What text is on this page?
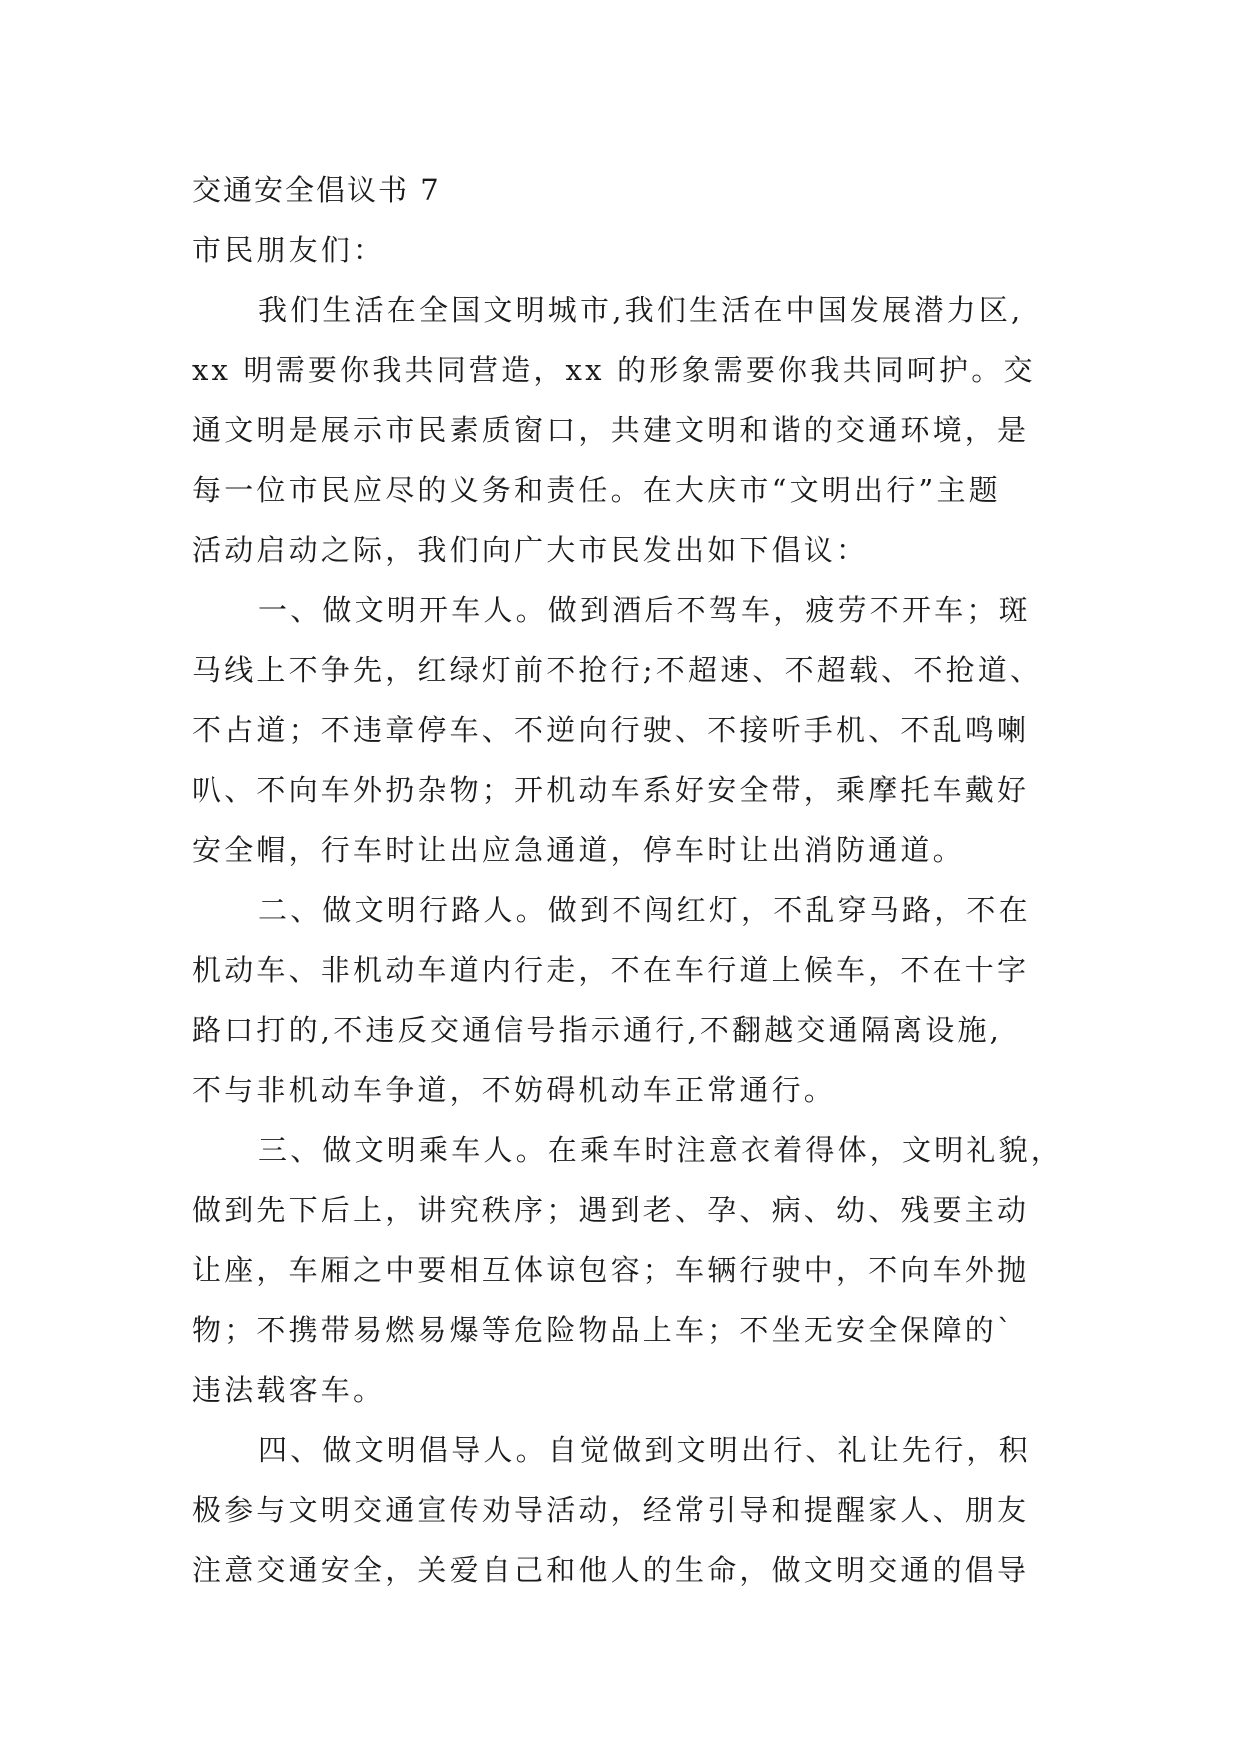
交通安全倡议书 7
市民朋友们：
我们生活在全国文明城市,我们生活在中国发展潜力区,
xx 明需要你我共同营造，xx 的形象需要你我共同呵护。交
通文明是展示市民素质窗口，共建文明和谐的交通环境，是
每一位市民应尽的义务和责任。在大庆市“文明出行”主题
活动启动之际，我们向广大市民发出如下倡议：
一、做文明开车人。做到酒后不驾车，疲劳不开车；斑
马线上不争先，红绿灯前不抢行;不超速、不超载、不抢道、
不占道；不违章停车、不逆向行驶、不接听手机、不乱鸣喇
叭、不向车外扔杂物；开机动车系好安全带，乘摩托车戴好
安全帽，行车时让出应急通道，停车时让出消防通道。
二、做文明行路人。做到不闯红灯，不乱穿马路，不在
机动车、非机动车道内行走，不在车行道上候车，不在十字
路口打的,不违反交通信号指示通行,不翻越交通隔离设施,
不与非机动车争道，不妨碍机动车正常通行。
三、做文明乘车人。在乘车时注意衣着得体，文明礼貌，
做到先下后上，讲究秩序；遇到老、孕、病、幼、残要主动
让座，车厢之中要相互体谅包容；车辆行驶中，不向车外抛
物；不携带易燃易爆等危险物品上车；不坐无安全保障的`
违法载客车。
四、做文明倡导人。自觉做到文明出行、礼让先行，积
极参与文明交通宣传劝导活动，经常引导和提醒家人、朋友
注意交通安全，关爱自己和他人的生命，做文明交通的倡导
